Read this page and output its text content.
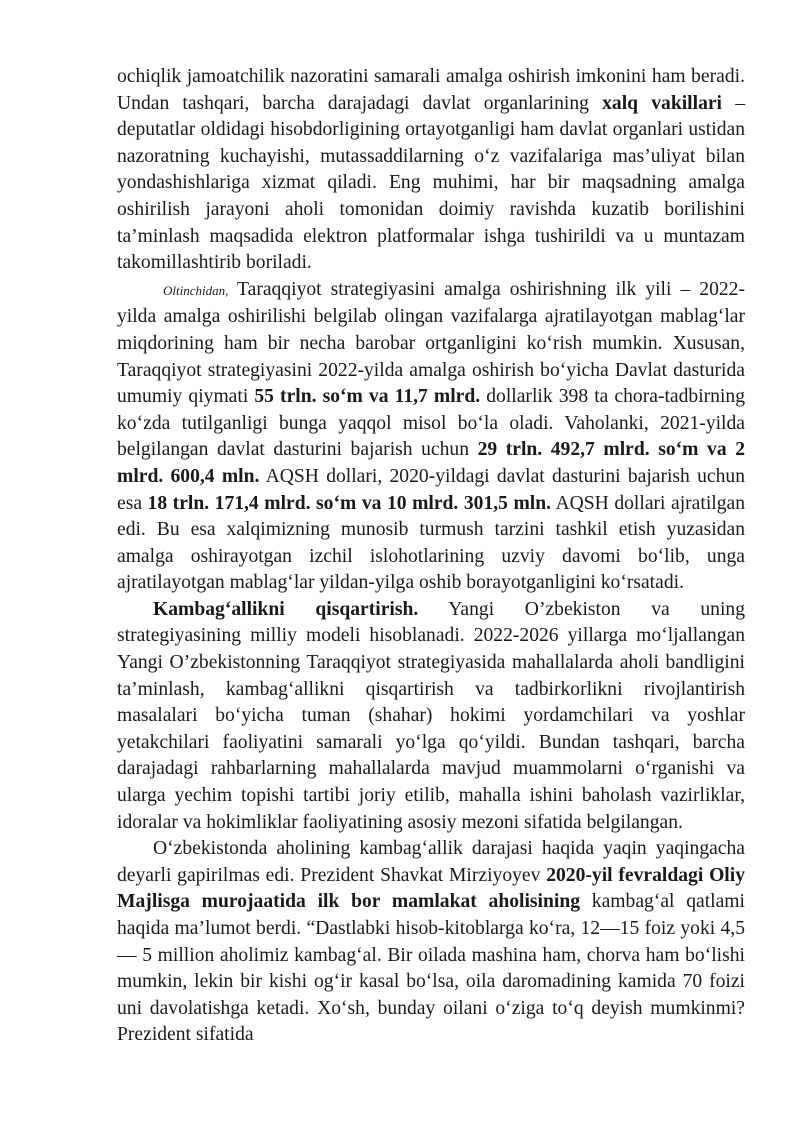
ochiqlik jamoatchilik nazoratini samarali amalga oshirish imkonini ham beradi. Undan tashqari, barcha darajadagi davlat organlarining xalq vakillari – deputatlar oldidagi hisobdorligining ortayotganligi ham davlat organlari ustidan nazoratning kuchayishi, mutassaddilarning o‘z vazifalariga mas’uliyat bilan yondashishlariga xizmat qiladi. Eng muhimi, har bir maqsadning amalga oshirilish jarayoni aholi tomonidan doimiy ravishda kuzatib borilishini ta’minlash maqsadida elektron platformalar ishga tushirildi va u muntazam takomillashtirib boriladi.

Oltinchidan, Taraqqiyot strategiyasini amalga oshirishning ilk yili – 2022-yilda amalga oshirilishi belgilab olingan vazifalarga ajratilayotgan mablag‘lar miqdorining ham bir necha barobar ortganligini ko‘rish mumkin. Xususan, Taraqqiyot strategiyasini 2022-yilda amalga oshirish bo‘yicha Davlat dasturida umumiy qiymati 55 trln. so‘m va 11,7 mlrd. dollarlik 398 ta chora-tadbirning ko‘zda tutilganligi bunga yaqqol misol bo‘la oladi. Vaholanki, 2021-yilda belgilangan davlat dasturini bajarish uchun 29 trln. 492,7 mlrd. so‘m va 2 mlrd. 600,4 mln. AQSH dollari, 2020-yildagi davlat dasturini bajarish uchun esa 18 trln. 171,4 mlrd. so‘m va 10 mlrd. 301,5 mln. AQSH dollari ajratilgan edi. Bu esa xalqimizning munosib turmush tarzini tashkil etish yuzasidan amalga oshirayotgan izchil islohotlarining uzviy davomi bo‘lib, unga ajratilayotgan mablag‘lar yildan-yilga oshib borayotganligini ko‘rsatadi.

Kambag‘allikni qisqartirish. Yangi O’zbekiston va uning strategiyasining milliy modeli hisoblanadi. 2022-2026 yillarga mo‘ljallangan Yangi O’zbekistonning Taraqqiyot strategiyasida mahallalarda aholi bandligini ta’minlash, kambag‘allikni qisqartirish va tadbirkorlikni rivojlantirish masalalari bo‘yicha tuman (shahar) hokimi yordamchilari va yoshlar yetakchilari faoliyatini samarali yo‘lga qo‘yildi. Bundan tashqari, barcha darajadagi rahbarlarning mahallalarda mavjud muammolarni o‘rganishi va ularga yechim topishi tartibi joriy etilib, mahalla ishini baholash vazirliklar, idoralar va hokimliklar faoliyatining asosiy mezoni sifatida belgilangan.

O‘zbekistonda aholining kambag‘allik darajasi haqida yaqin yaqingacha deyarli gapirilmas edi. Prezident Shavkat Mirziyoyev 2020-yil fevraldagi Oliy Majlisga murojaatida ilk bor mamlakat aholisining kambag‘al qatlami haqida ma’lumot berdi. “Dastlabki hisob-kitoblarga ko‘ra, 12—15 foiz yoki 4,5 — 5 million aholimiz kambag‘al. Bir oilada mashina ham, chorva ham bo‘lishi mumkin, lekin bir kishi og‘ir kasal bo‘lsa, oila daromadining kamida 70 foizi uni davolatishga ketadi. Xo‘sh, bunday oilani o‘ziga to‘q deyish mumkinmi? Prezident sifatida
